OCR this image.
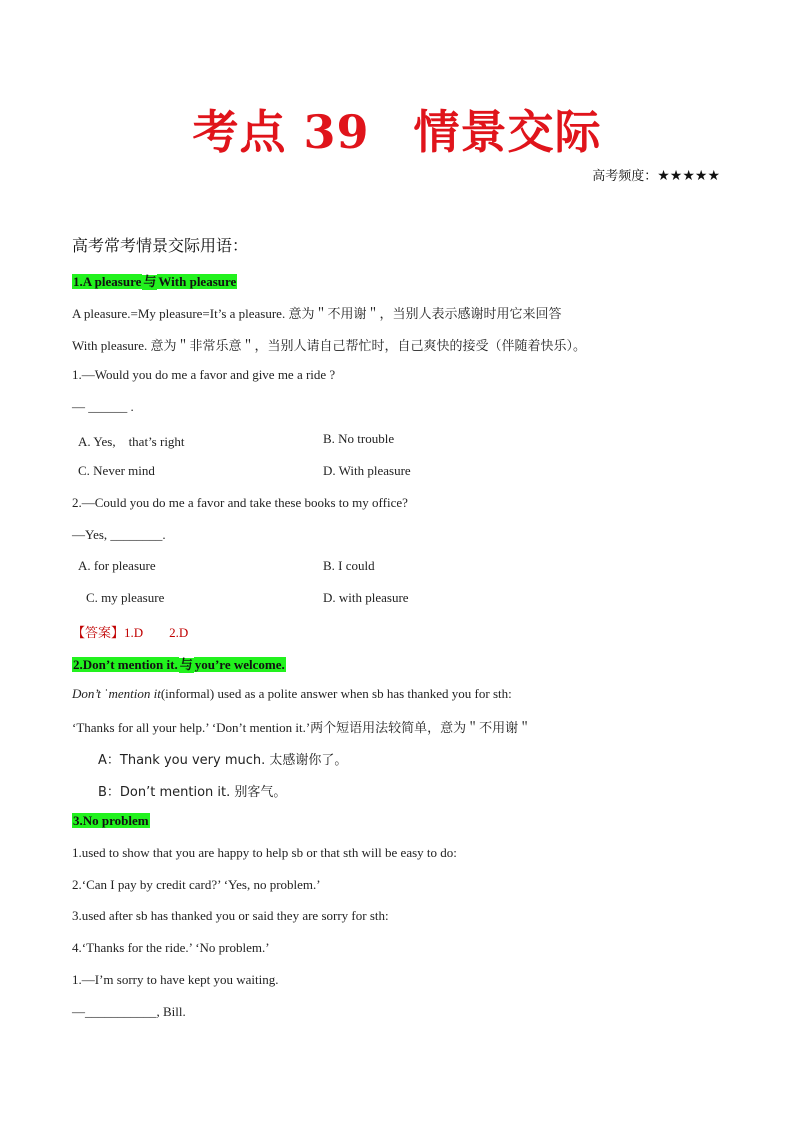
考点 39 情景交际
高考频度：★★★★★
高考常考情景交际用语：
1.A pleasure 与 With pleasure
A pleasure.=My pleasure=It’s a pleasure. 意为＂不用谢＂，当别人表示感谢时用它来回答
With pleasure. 意为＂非常乐意＂，当别人请自己帮忙时，自己爽快的接受（伴随着快乐）。
1.—Would you do me a favor and give me a ride ?
— ______ .
A. Yes,　that’s right	B. No trouble
C. Never mind	D. With pleasure
2.—Could you do me a favor and take these books to my office?
—Yes, ________.
A. for pleasure	B. I could
C. my pleasure	D. with pleasure
【答案】1.D　　2.D
2.Don’t mention it. 与 you’re welcome.
Don’t ˈmention it(informal) used as a polite answer when sb has thanked you for sth:
‘Thanks for all your help.’ ‘Don’t mention it.’两个短语用法较简单，意为＂不用谢＂
A：Thank you very much. 太感谢你了。
B：Don’t mention it. 别客气。
3.No problem
1.used to show that you are happy to help sb or that sth will be easy to do:
2.‘Can I pay by credit card?’ ‘Yes, no problem.’
3.used after sb has thanked you or said they are sorry for sth:
4.‘Thanks for the ride.’ ‘No problem.’
1.—I’m sorry to have kept you waiting.
—___________, Bill.
